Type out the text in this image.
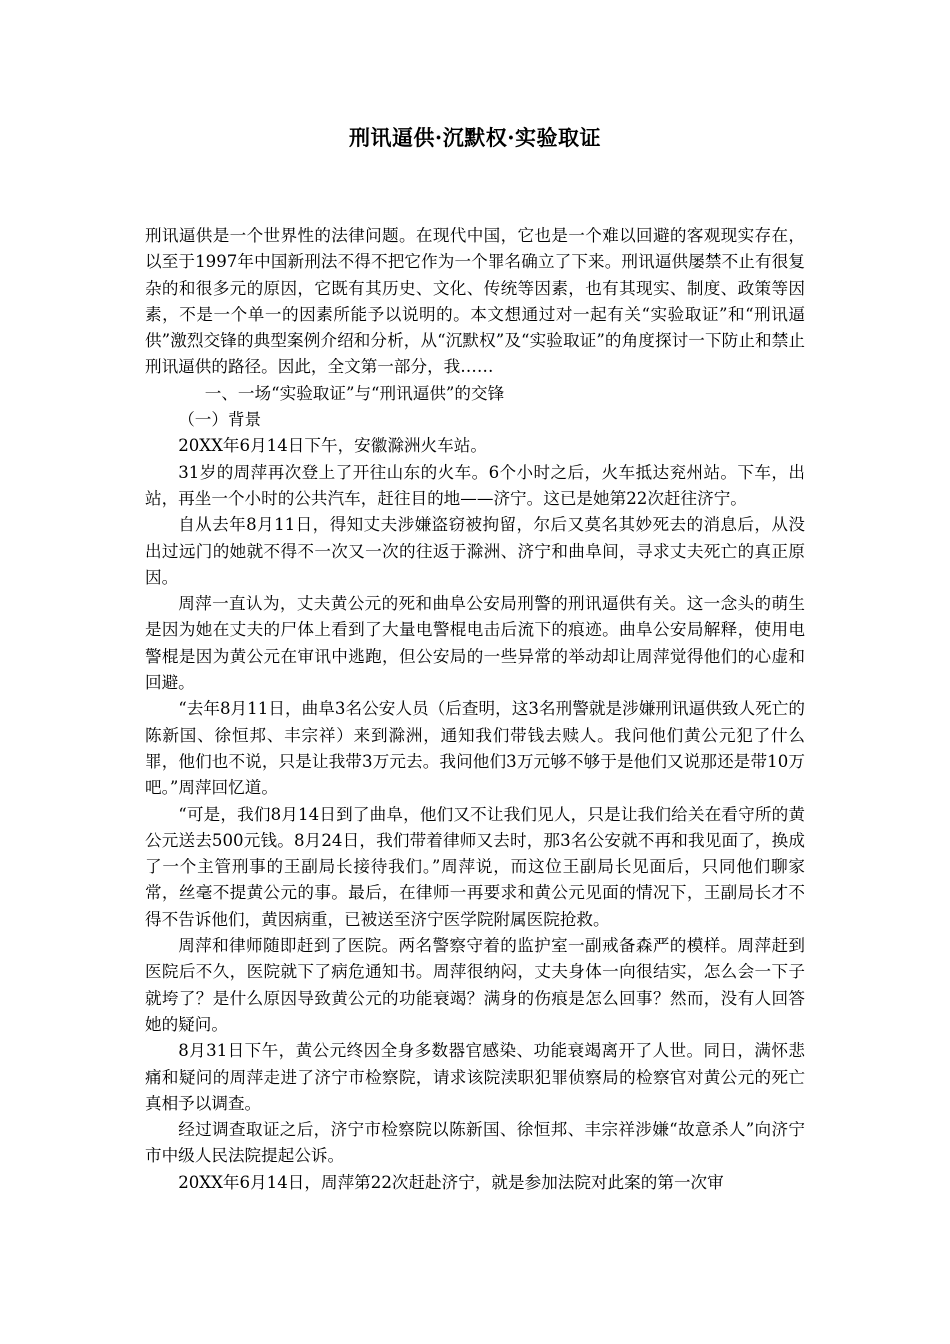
刑讯逼供·沉默权·实验取证

刑讯逼供是一个世界性的法律问题。在现代中国，它也是一个难以回避的客观现实存在，以至于1997年中国新刑法不得不把它作为一个罪名确立了下来。刑讯逼供屡禁不止有很复杂的和很多元的原因，它既有其历史、文化、传统等因素，也有其现实、制度、政策等因素，不是一个单一的因素所能予以说明的。本文想通过对一起有关“实验取证”和“刑讯逼供”激烈交锋的典型案例介绍和分析，从“沉默权”及“实验取证”的角度探讨一下防止和禁止刑讯逼供的路径。因此，全文第一部分，我……

一、一场“实验取证”与“刑讯逼供”的交锋

（一）背景

20XX年6月14日下午，安徽滁洲火车站。

31岁的周萍再次登上了开往山东的火车。6个小时之后，火车抵达兖州站。下车，出站，再坐一个小时的公共汽车，赶往目的地——济宁。这已是她第22次赶往济宁。

自从去年8月11日，得知丈夫涉嫌盗窃被拘留，尔后又莫名其妙死去的消息后，从没出过远门的她就不得不一次又一次的往返于滁洲、济宁和曲阜间，寻求丈夫死亡的真正原因。

周萍一直认为，丈夫黄公元的死和曲阜公安局刑警的刑讯逼供有关。这一念头的萌生是因为她在丈夫的尸体上看到了大量电警棍电击后流下的痕迹。曲阜公安局解释，使用电警棍是因为黄公元在审讯中逃跑，但公安局的一些异常的举动却让周萍觉得他们的心虚和回避。

“去年8月11日，曲阜3名公安人员（后查明，这3名刑警就是涉嫌刑讯逼供致人死亡的陈新国、徐恒邦、丰宗祥）来到滁洲，通知我们带钱去赎人。我问他们黄公元犯了什么罪，他们也不说，只是让我带3万元去。我问他们3万元够不够于是他们又说那还是带10万吧。”周萍回忆道。

“可是，我们8月14日到了曲阜，他们又不让我们见人，只是让我们给关在看守所的黄公元送去500元钱。8月24日，我们带着律师又去时，那3名公安就不再和我见面了，换成了一个主管刑事的王副局长接待我们。”周萍说，而这位王副局长见面后，只同他们聊家常，丝毫不提黄公元的事。最后，在律师一再要求和黄公元见面的情况下，王副局长才不得不告诉他们，黄因病重，已被送至济宁医学院附属医院抢救。

周萍和律师随即赶到了医院。两名警察守着的监护室一副戒备森严的模样。周萍赶到医院后不久，医院就下了病危通知书。周萍很纳闷，丈夫身体一向很结实，怎么会一下子就垮了？是什么原因导致黄公元的功能衰竭？满身的伤痕是怎么回事？然而，没有人回答她的疑问。

8月31日下午，黄公元终因全身多数器官感染、功能衰竭离开了人世。同日，满怀悲痛和疑问的周萍走进了济宁市检察院，请求该院渎职犯罪侦察局的检察官对黄公元的死亡真相予以调查。

经过调查取证之后，济宁市检察院以陈新国、徐恒邦、丰宗祥涉嫌“故意杀人”向济宁市中级人民法院提起公诉。

20XX年6月14日，周萍第22次赶赴济宁，就是参加法院对此案的第一次审
